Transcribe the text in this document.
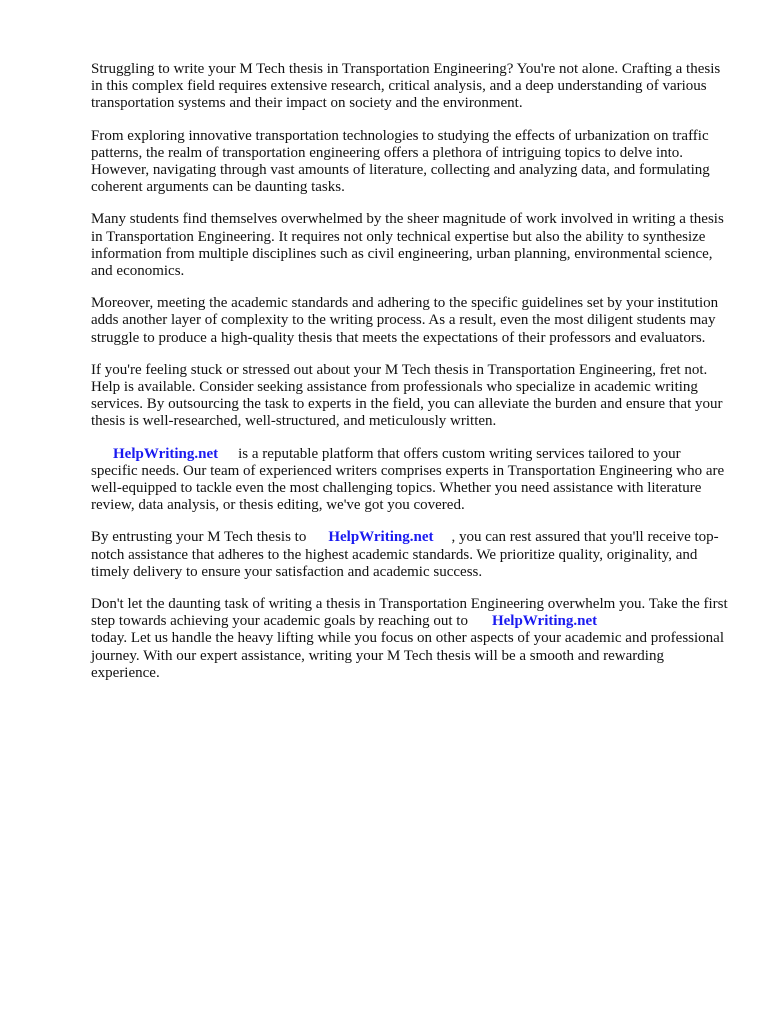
Struggling to write your M Tech thesis in Transportation Engineering? You're not alone. Crafting a thesis in this complex field requires extensive research, critical analysis, and a deep understanding of various transportation systems and their impact on society and the environment.

From exploring innovative transportation technologies to studying the effects of urbanization on traffic patterns, the realm of transportation engineering offers a plethora of intriguing topics to delve into. However, navigating through vast amounts of literature, collecting and analyzing data, and formulating coherent arguments can be daunting tasks.

Many students find themselves overwhelmed by the sheer magnitude of work involved in writing a thesis in Transportation Engineering. It requires not only technical expertise but also the ability to synthesize information from multiple disciplines such as civil engineering, urban planning, environmental science, and economics.

Moreover, meeting the academic standards and adhering to the specific guidelines set by your institution adds another layer of complexity to the writing process. As a result, even the most diligent students may struggle to produce a high-quality thesis that meets the expectations of their professors and evaluators.

If you're feeling stuck or stressed out about your M Tech thesis in Transportation Engineering, fret not. Help is available. Consider seeking assistance from professionals who specialize in academic writing services. By outsourcing the task to experts in the field, you can alleviate the burden and ensure that your thesis is well-researched, well-structured, and meticulously written.

HelpWriting.net is a reputable platform that offers custom writing services tailored to your specific needs. Our team of experienced writers comprises experts in Transportation Engineering who are well-equipped to tackle even the most challenging topics. Whether you need assistance with literature review, data analysis, or thesis editing, we've got you covered.

By entrusting your M Tech thesis to HelpWriting.net , you can rest assured that you'll receive top-notch assistance that adheres to the highest academic standards. We prioritize quality, originality, and timely delivery to ensure your satisfaction and academic success.

Don't let the daunting task of writing a thesis in Transportation Engineering overwhelm you. Take the first step towards achieving your academic goals by reaching out to HelpWriting.net
today. Let us handle the heavy lifting while you focus on other aspects of your academic and professional journey. With our expert assistance, writing your M Tech thesis will be a smooth and rewarding experience.
